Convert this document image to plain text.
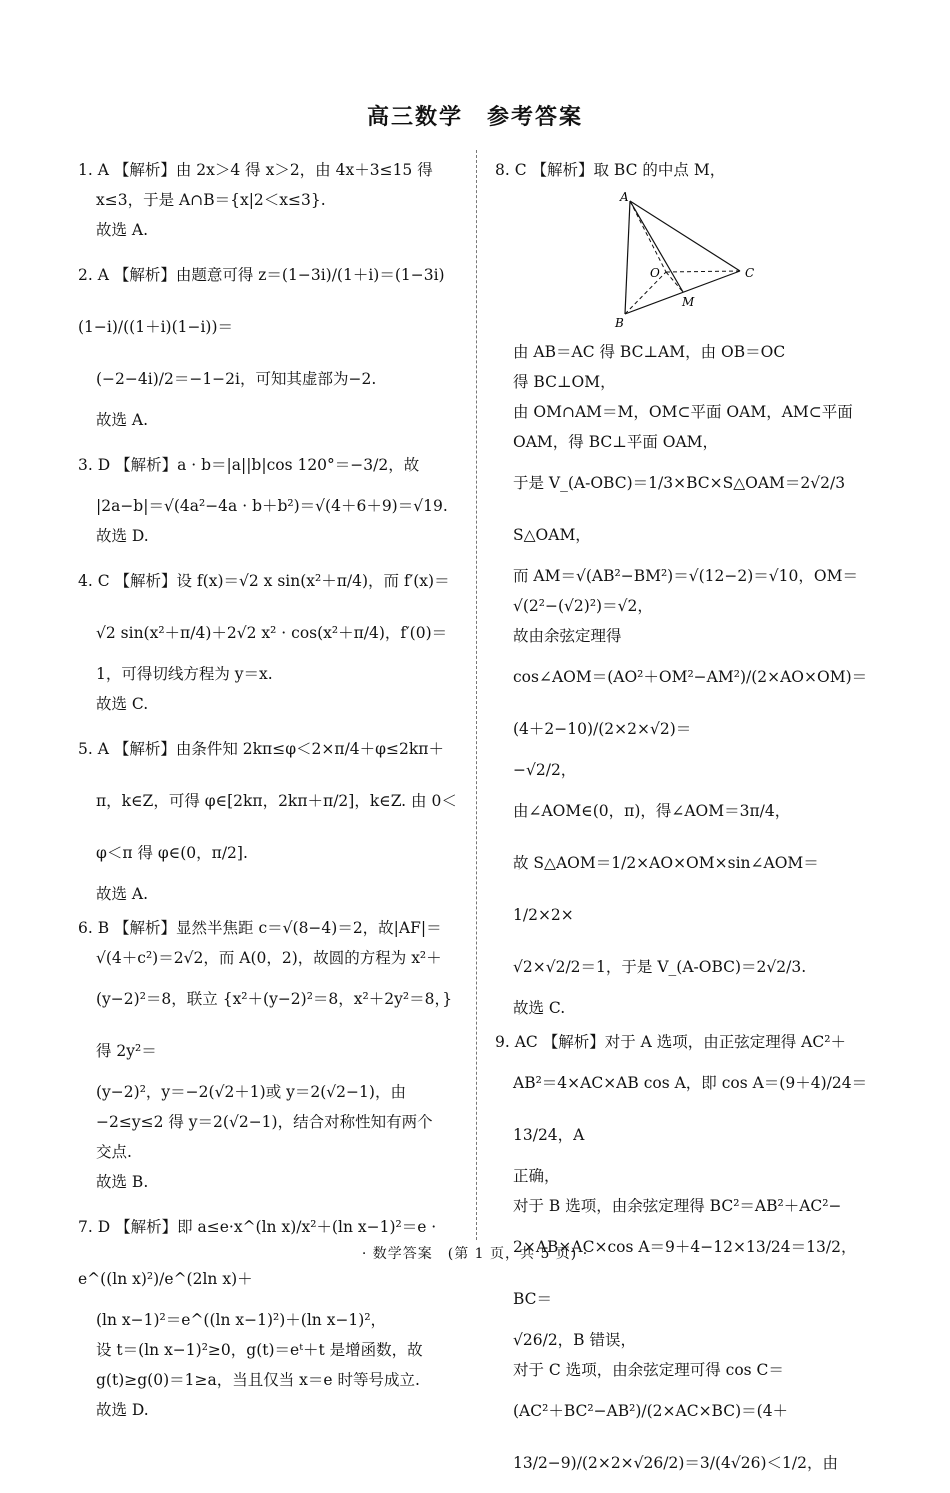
高三数学　参考答案
1. A 【解析】由 2x＞4 得 x＞2，由 4x＋3≤15 得
x≤3，于是 A∩B＝{x|2＜x≤3}.
故选 A.
2. A 【解析】由题意可得 z＝(1−3i)/(1＋i)＝(1−3i)(1−i)/((1＋i)(1−i))＝
(−2−4i)/2＝−1−2i，可知其虚部为−2.
故选 A.
3. D 【解析】a · b＝|a||b|cos 120°＝−3/2，故
|2a−b|＝√(4a²−4a · b＋b²)＝√(4＋6＋9)＝√19.
故选 D.
4. C 【解析】设 f(x)＝√2 x sin(x²＋π/4)，而 f′(x)＝
√2 sin(x²＋π/4)＋2√2 x² · cos(x²＋π/4)，f′(0)＝
1，可得切线方程为 y＝x.
故选 C.
5. A 【解析】由条件知 2kπ≤φ＜2×π/4＋φ≤2kπ＋
π，k∈Z，可得 φ∈[2kπ，2kπ＋π/2]，k∈Z. 由 0＜
φ＜π 得 φ∈(0，π/2].
故选 A.
6. B 【解析】显然半焦距 c＝√(8−4)＝2，故|AF|＝
√(4＋c²)＝2√2，而 A(0，2)，故圆的方程为 x²＋
(y−2)²＝8，联立 {x²＋(y−2)²＝8，x²＋2y²＝8，} 得 2y²＝
(y−2)²，y＝−2(√2＋1)或 y＝2(√2−1)，由
−2≤y≤2 得 y＝2(√2−1)，结合对称性知有两个
交点.
故选 B.
7. D 【解析】即 a≤e·x^(ln x)/x²＋(ln x−1)²＝e · e^((ln x)²)/e^(2ln x)＋
(ln x−1)²＝e^((ln x−1)²)＋(ln x−1)²，
设 t＝(ln x−1)²≥0，g(t)＝eᵗ＋t 是增函数，故
g(t)≥g(0)＝1≥a，当且仅当 x＝e 时等号成立.
故选 D.
8. C 【解析】取 BC 的中点 M，
A
O	C
M
B
由 AB＝AC 得 BC⊥AM，由 OB＝OC
得 BC⊥OM，
由 OM∩AM＝M，OM⊂平面 OAM，AM⊂平面
OAM，得 BC⊥平面 OAM，
于是 V_(A-OBC)＝1/3×BC×S△OAM＝2√2/3 S△OAM，
而 AM＝√(AB²−BM²)＝√(12−2)＝√10，OM＝
√(2²−(√2)²)＝√2，
故由余弦定理得
cos∠AOM＝(AO²＋OM²−AM²)/(2×AO×OM)＝(4＋2−10)/(2×2×√2)＝
−√2/2，
由∠AOM∈(0，π)，得∠AOM＝3π/4，
故 S△AOM＝1/2×AO×OM×sin∠AOM＝1/2×2×
√2×√2/2＝1，于是 V_(A-OBC)＝2√2/3.
故选 C.
9. AC 【解析】对于 A 选项，由正弦定理得 AC²＋
AB²＝4×AC×AB cos A，即 cos A＝(9＋4)/24＝13/24，A
正确，
对于 B 选项，由余弦定理得 BC²＝AB²＋AC²−
2×AB×AC×cos A＝9＋4−12×13/24＝13/2，BC＝
√26/2，B 错误，
对于 C 选项，由余弦定理可得 cos C＝
(AC²＋BC²−AB²)/(2×AC×BC)＝(4＋13/2−9)/(2×2×√26/2)＝3/(4√26)＜1/2，由
· 数学答案　(第 1 页，共 5 页) ·
